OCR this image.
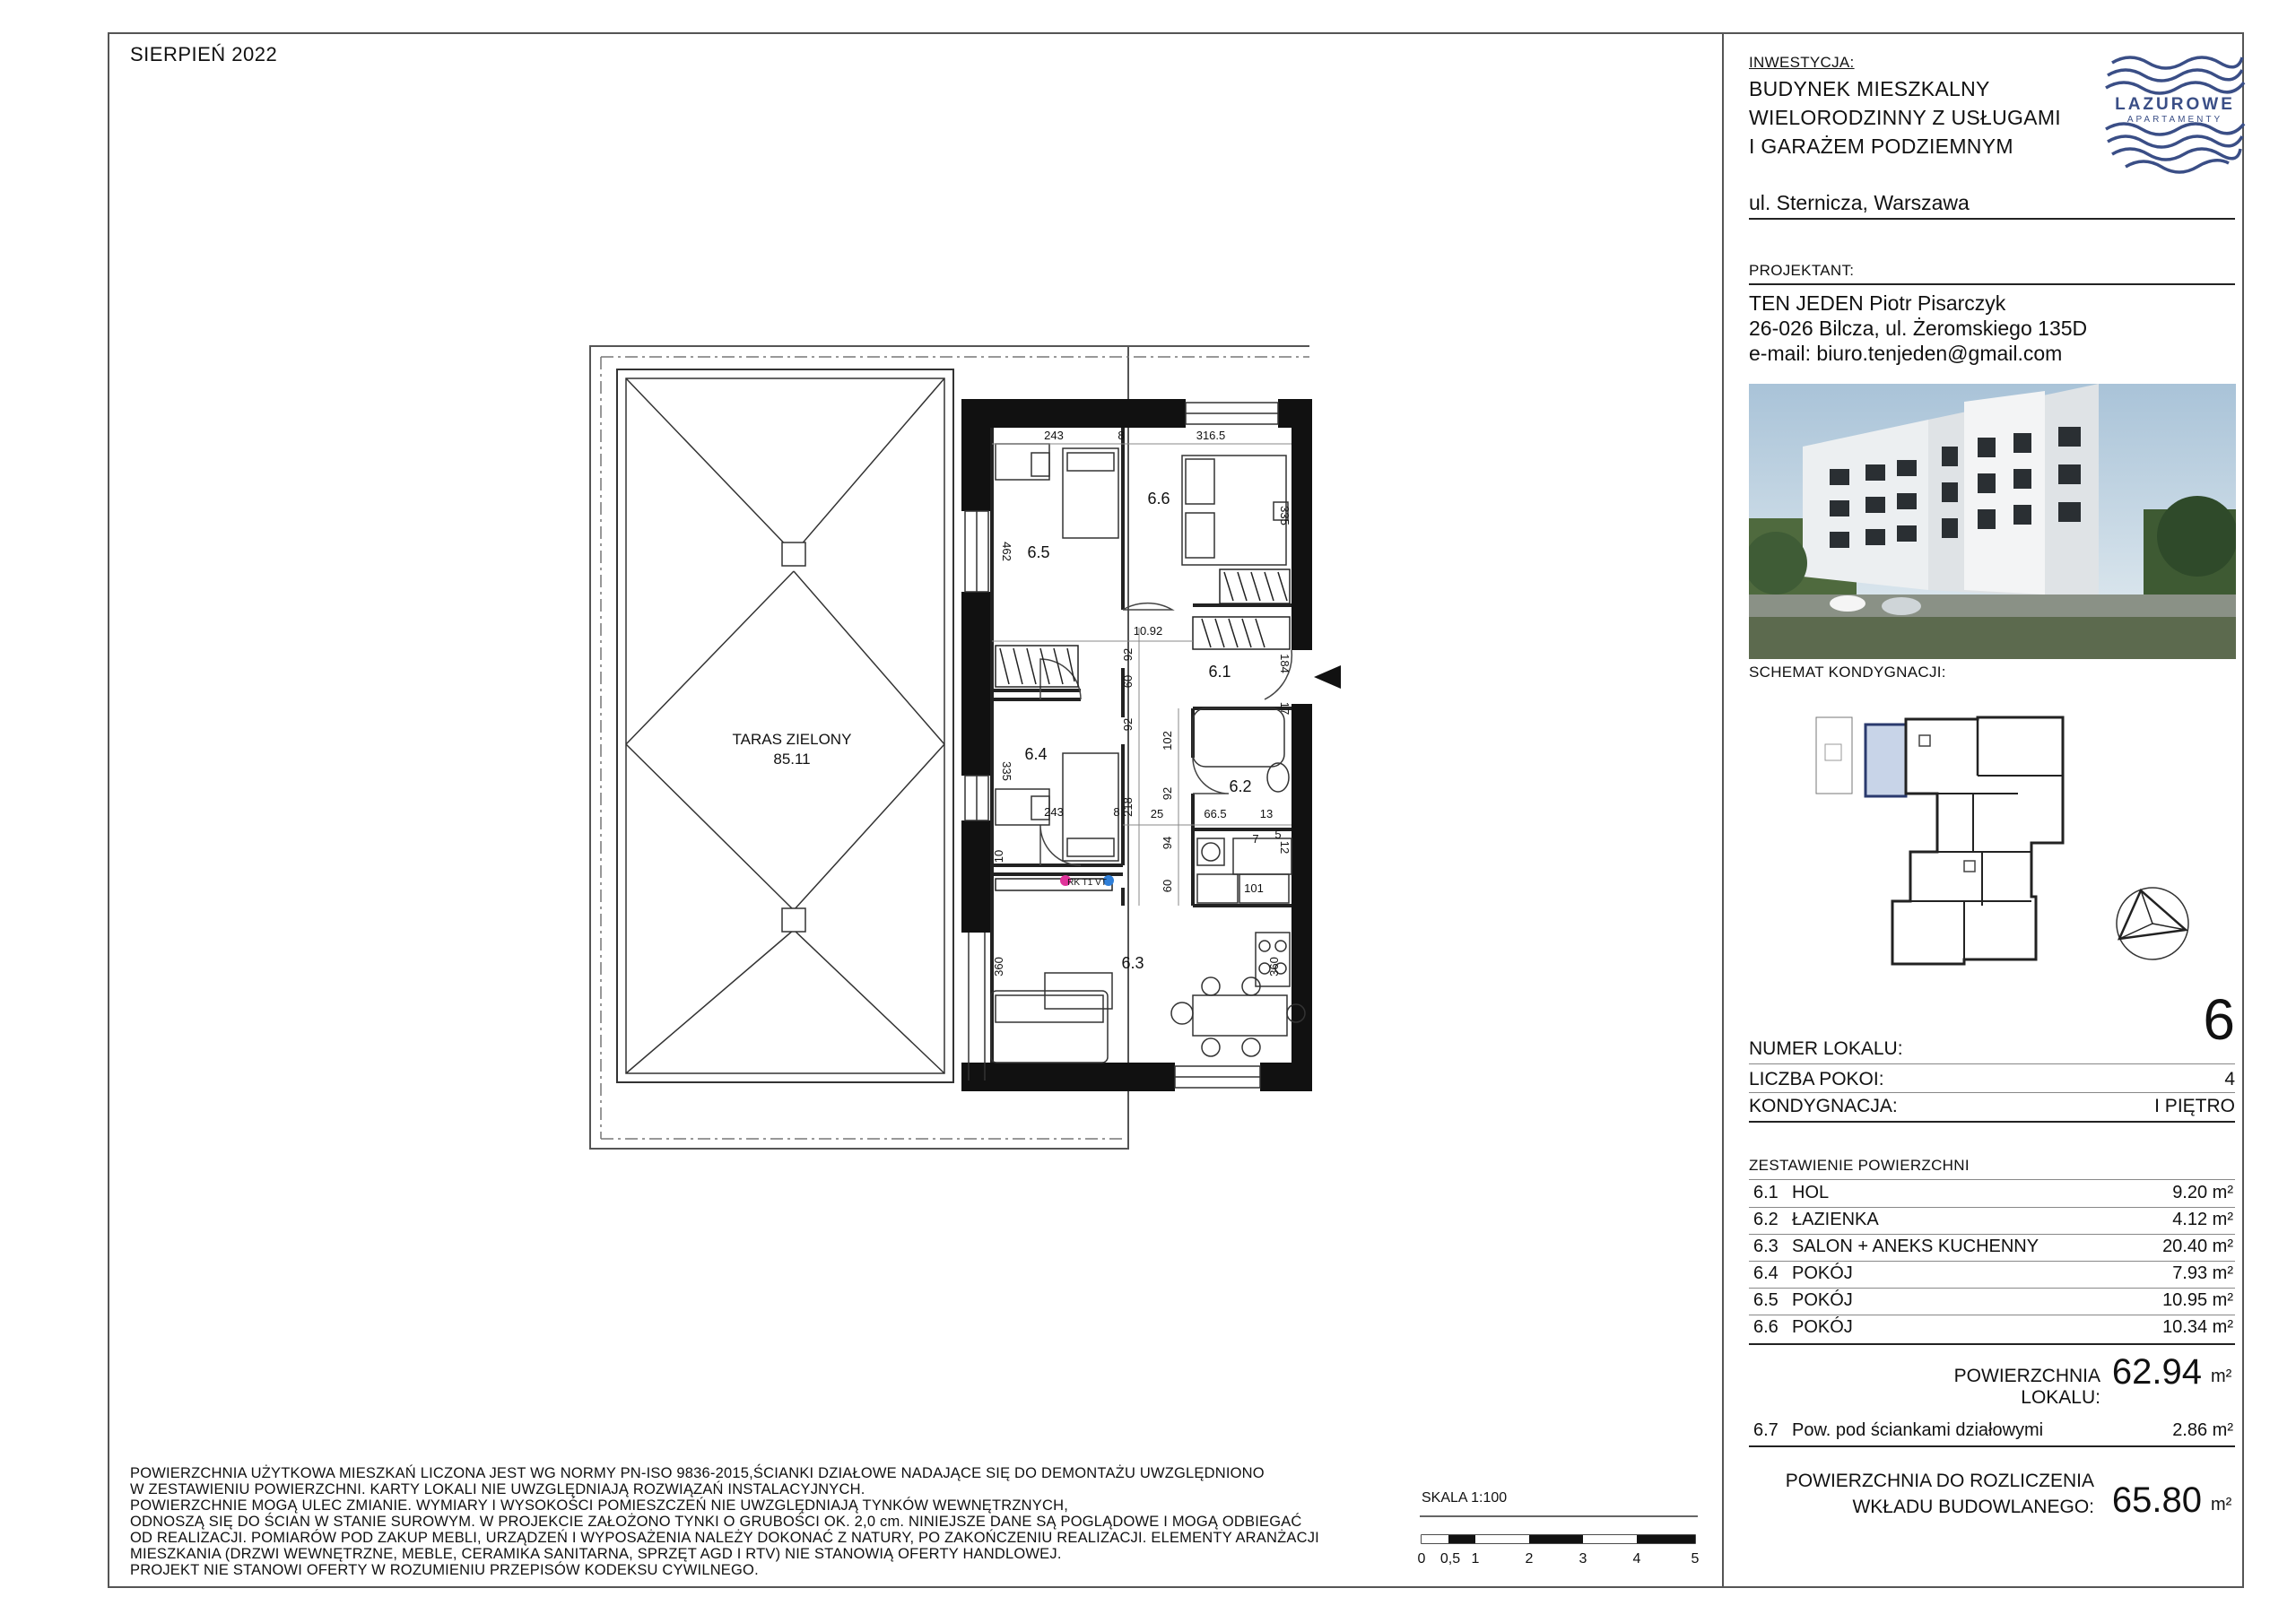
SIERPIEŃ 2022
TARAS ZIELONY
85.11
RK T1 VT
6.1
6.2
6.3
6.4
6.5
6.6
243	8	316.5
335
462
10.92
92
60
92
102
92
184
335
243	8 218 25	66.5	13
94
60
10
360	360
5
101
12
7
17
INWESTYCJA:
BUDYNEK MIESZKALNY
WIELORODZINNY Z USŁUGAMI
I GARAŻEM PODZIEMNYM
ul. Sternicza, Warszawa
LAZUROWE
APARTAMENTY
PROJEKTANT:
TEN JEDEN Piotr Pisarczyk
26-026 Bilcza, ul. Żeromskiego 135D
e-mail: biuro.tenjeden@gmail.com
SCHEMAT KONDYGNACJI:
6
NUMER LOKALU:
LICZBA POKOI:	4
KONDYGNACJA:	I PIĘTRO
ZESTAWIENIE POWIERZCHNI
6.1 HOL	9.20 m²
6.2 ŁAZIENKA	4.12 m²
6.3 SALON + ANEKS KUCHENNY	20.40 m²
6.4 POKÓJ	7.93 m²
6.5 POKÓJ	10.95 m²
6.6 POKÓJ	10.34 m²
POWIERZCHNIA LOKALU:
62.94 m²
6.7 Pow. pod ściankami działowymi	2.86 m²
POWIERZCHNIA DO ROZLICZENIA
WKŁADU BUDOWLANEGO: 65.80 m²
POWIERZCHNIA UŻYTKOWA MIESZKAŃ LICZONA JEST WG NORMY PN-ISO 9836-2015,ŚCIANKI DZIAŁOWE NADAJĄCE SIĘ DO DEMONTAŻU UWZGLĘDNIONO
W ZESTAWIENIU POWIERZCHNI. KARTY LOKALI NIE UWZGLĘDNIAJĄ ROZWIĄZAŃ INSTALACYJNYCH.
POWIERZCHNIE MOGĄ ULEC ZMIANIE. WYMIARY I WYSOKOŚCI POMIESZCZEŃ NIE UWZGLĘDNIAJĄ TYNKÓW WEWNĘTRZNYCH,
ODNOSZĄ SIĘ DO ŚCIAN W STANIE SUROWYM. W PROJEKCIE ZAŁOŻONO TYNKI O GRUBOŚCI OK. 2,0 cm. NINIEJSZE DANE SĄ POGLĄDOWE I MOGĄ ODBIEGAĆ
OD REALIZACJI. POMIARÓW POD ZAKUP MEBLI, URZĄDZEŃ I WYPOSAŻENIA NALEŻY DOKONAĆ Z NATURY, PO ZAKOŃCZENIU REALIZACJI. ELEMENTY ARANŻACJI
MIESZKANIA (DRZWI WEWNĘTRZNE, MEBLE, CERAMIKA SANITARNA, SPRZĘT AGD I RTV) NIE STANOWIĄ OFERTY HANDLOWEJ.
PROJEKT NIE STANOWI OFERTY W ROZUMIENIU PRZEPISÓW KODEKSU CYWILNEGO.
SKALA 1:100
0 0,5 1	2	3	4	5
